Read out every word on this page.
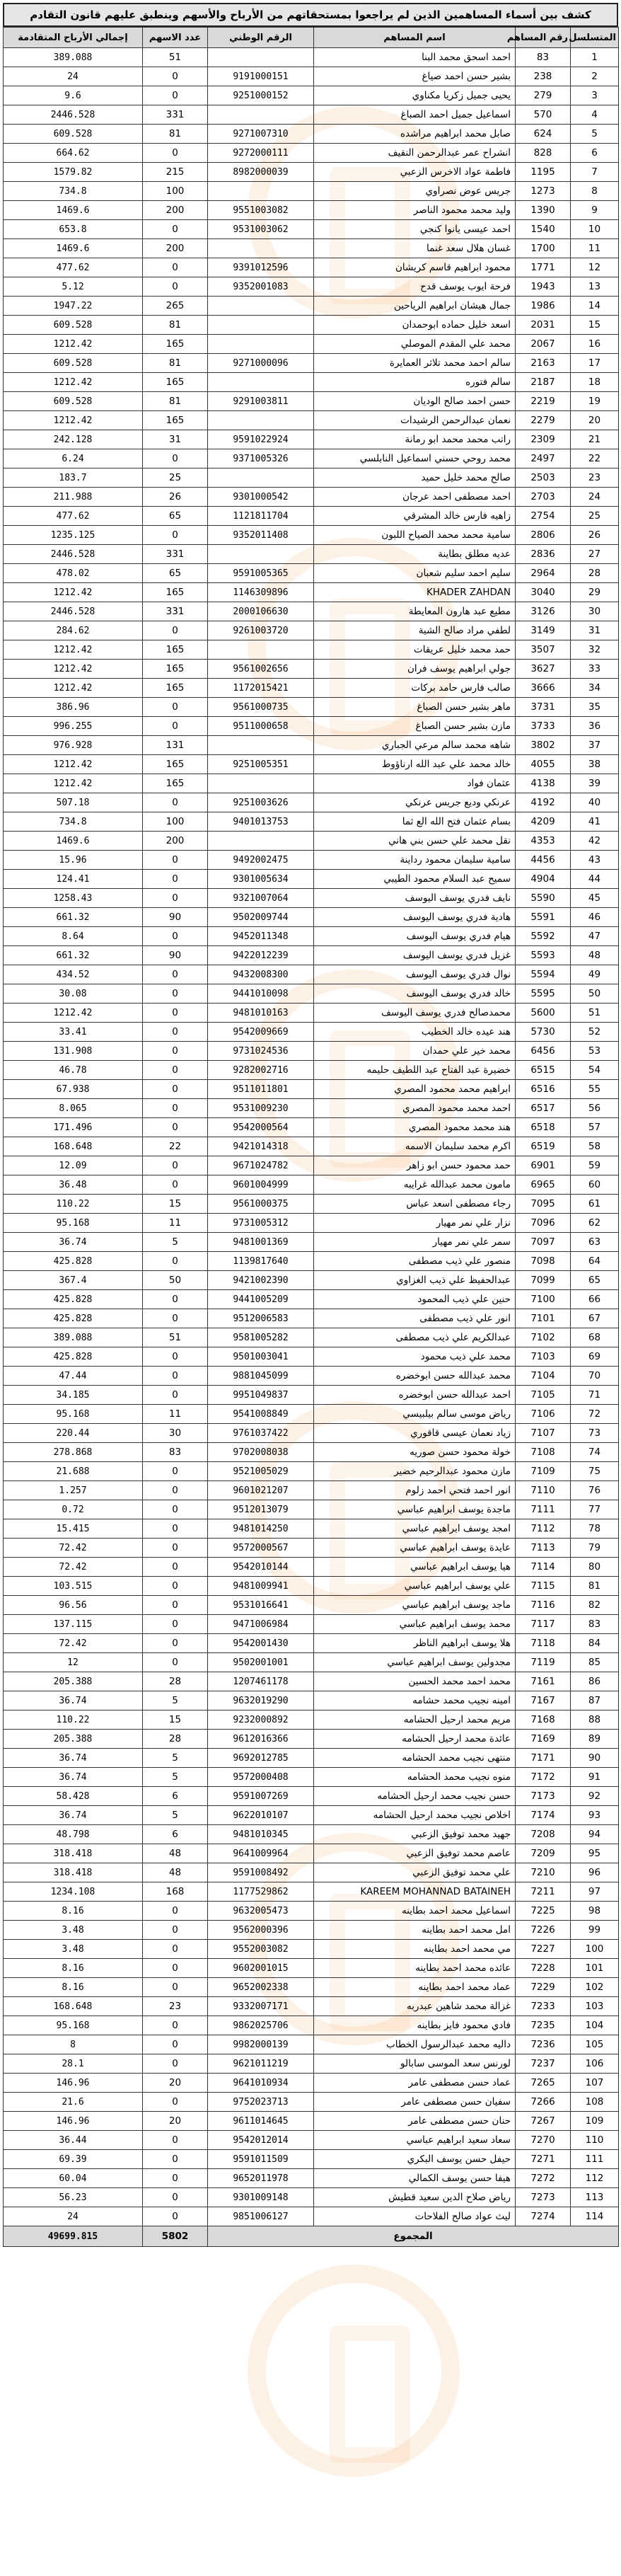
كشف بين أسماء المساهمين الذين لم يراجعوا بمستحقاتهم من الأرباح والأسهم وينطبق عليهم قانون التقادم
المتسلسل	رقم المساهم	اسم المساهم	الرقم الوطني	عدد الاسهم	إجمالي الأرباح المتقادمة
1	83	احمد اسحق محمد البنا		51	389.088
2	238	بشير حسن احمد صياغ	9191000151	0	24
3	279	يحيى جميل زكريا مكناوي	9251000152	0	9.6
4	570	اسماعيل جميل احمد الصباغ		331	2446.528
5	624	صابل محمد ابراهيم مراشده	9271007310	81	609.528
6	828	انشراح عمر عبدالرحمن النقيف	9272000111	0	664.62
7	1195	فاطمة عواد الاخرس الزعبي	8982000039	215	1579.82
8	1273	جريس عوض نصراوي		100	734.8
9	1390	وليد محمد محمود الناصر	9551003082	200	1469.6
10	1540	احمد عيسى يانوا كنجي	9531003062	0	653.8
11	1700	غسان هلال سعد غنما		200	1469.6
12	1771	محمود ابراهيم قاسم كريشان	9391012596	0	477.62
13	1943	فرحة ايوب يوسف قدح	9352001083	0	5.12
14	1986	جمال هيشان ابراهيم الرياحين		265	1947.22
15	2031	اسعد خليل حماده ابوحمدان		81	609.528
16	2067	محمد علي المقدم الموصلي		165	1212.42
17	2163	سالم احمد محمد تلاثر العمايرة	9271000096	81	609.528
18	2187	سالم فتوره		165	1212.42
19	2219	حسن احمد صالح الوديان	9291003811	81	609.528
20	2279	نعمان عبدالرحمن الرشيدات		165	1212.42
21	2309	راتب محمد محمد ابو رمانة	9591022924	31	242.128
22	2497	محمد روحي حسني اسماعيل النابلسي	9371005326	0	6.24
23	2503	صالح محمد خليل حميد		25	183.7
24	2703	احمد مصطفى احمد عرجان	9301000542	26	211.988
25	2754	زاهيه فارس خالد المشرقي	1121811704	65	477.62
26	2806	سامية محمد محمد الصياح اللبون	9352011408	0	1235.125
27	2836	عديه مطلق بطاينة		331	2446.528
28	2964	سليم احمد سليم شعبان	9591005365	65	478.02
29	3040	KHADER ZAHDAN	1146309896	165	1212.42
30	3126	مطيع عبد هارون المعايطة	2000106630	331	2446.528
31	3149	لطفي مراد صالح الشية	9261003720	0	284.62
32	3507	حمد محمد خليل عريقات		165	1212.42
33	3627	جولي ابراهيم يوسف فران	9561002656	165	1212.42
34	3666	صالب فارس حامد بركات	1172015421	165	1212.42
35	3731	ماهر بشير حسن الصباغ	9561000735	0	386.96
36	3733	مازن بشير حسن الصباغ	9511000658	0	996.255
37	3802	شاهه محمد سالم مرعي الجباري		131	976.928
38	4055	خالد محمد علي عبد الله ارناؤوط	9251005351	165	1212.42
39	4138	عثمان فواد		165	1212.42
40	4192	عرنكي وديع جريس عرنكي	9251003626	0	507.18
41	4209	بسام عثمان فتح الله الع ثما	9401013753	100	734.8
42	4353	نقل محمد علي حسن بني هاني		200	1469.6
43	4456	سامية سليمان محمود رداينة	9492002475	0	15.96
44	4904	سميح عبد السلام محمود الطيبي	9301005634	0	124.41
45	5590	نايف فدري يوسف اليوسف	9321007064	0	1258.43
46	5591	هادية فدري يوسف اليوسف	9502009744	90	661.32
47	5592	هيام فدري يوسف اليوسف	9452011348	0	8.64
48	5593	غزيل فدري يوسف اليوسف	9422012239	90	661.32
49	5594	نوال فدري يوسف اليوسف	9432008300	0	434.52
50	5595	خالد فدري يوسف اليوسف	9441010098	0	30.08
51	5600	محمدصالح فدري يوسف اليوسف	9481010163	0	1212.42
52	5730	هند عيده خالد الخطيب	9542009669	0	33.41
53	6456	محمد خير علي حمدان	9731024536	0	131.908
54	6515	خضيرة عبد الفتاح عبد اللطيف حليمه	9282002716	0	46.78
55	6516	ابراهيم محمد محمود المصري	9511011801	0	67.938
56	6517	احمد محمد محمود المصري	9531009230	0	8.065
57	6518	هند محمد محمود المصري	9542000564	0	171.496
58	6519	اكرم محمد سليمان الاسمه	9421014318	22	168.648
59	6901	حمد محمود حسن ابو زاهر	9671024782	0	12.09
60	6965	مامون محمد عبدالله غرايبه	9601004999	0	36.48
61	7095	رجاء مصطفى اسعد عباس	9561000375	15	110.22
62	7096	نزار علي نمر مهيار	9731005312	11	95.168
63	7097	سمر علي نمر مهيار	9481001369	5	36.74
64	7098	منصور علي ذيب مصطفى	1139817640	0	425.828
65	7099	عبدالحفيظ علي ذيب الغزاوي	9421002390	50	367.4
66	7100	حنين علي ذيب المحمود	9441005209	0	425.828
67	7101	انور علي ذيب مصطفى	9512006583	0	425.828
68	7102	عبدالكريم علي ذيب مصطفى	9581005282	51	389.088
69	7103	محمد علي ذيب محمود	9501003041	0	425.828
70	7104	محمد عبدالله حسن ابوخضره	9881045099	0	47.44
71	7105	احمد عبدالله حسن ابوخضره	9951049837	0	34.185
72	7106	رياض موسى سالم بيلبيسي	9541008849	11	95.168
73	7107	زياد نعمان عيسى قاقوري	9761037422	30	220.44
74	7108	خولة محمود حسن صوريه	9702008038	83	278.868
75	7109	مازن محمود عبدالرحيم خضير	9521005029	0	21.688
76	7110	انور احمد فتحي احمد زلوم	9601021207	0	1.257
77	7111	ماجدة يوسف ابراهيم عباسي	9512013079	0	0.72
78	7112	امجد يوسف ابراهيم عباسي	9481014250	0	15.415
79	7113	عايدة يوسف ابراهيم عباسي	9572000567	0	72.42
80	7114	هيا يوسف ابراهيم عباسي	9542010144	0	72.42
81	7115	علي يوسف ابراهيم عباسي	9481009941	0	103.515
82	7116	ماجد يوسف ابراهيم عباسي	9531016641	0	96.56
83	7117	محمد يوسف ابراهيم عباسي	9471006984	0	137.115
84	7118	هلا يوسف ابراهيم الناظر	9542001430	0	72.42
85	7119	مجدولين يوسف ابراهيم عباسي	9502001001	0	12
86	7161	محمد احمد محمد الحسين	1207461178	28	205.388
87	7167	امينه نجيب محمد حشامه	9632019290	5	36.74
88	7168	مريم محمد ارحيل الحشامه	9232000892	15	110.22
89	7169	عائدة محمد ارحيل الحشامه	9612016366	28	205.388
90	7171	منتهى نجيب محمد الحشامه	9692012785	5	36.74
91	7172	منوه نجيب محمد الحشامه	9572000408	5	36.74
92	7173	حسن نجيب محمد ارحيل الحشامه	9591007269	6	58.428
93	7174	اخلاص نجيب محمد ارحيل الحشامه	9622010107	5	36.74
94	7208	جهيد محمد توفيق الزعبي	9481010345	6	48.798
95	7209	عاصم محمد توفيق الزعبي	9641009964	48	318.418
96	7210	علي محمد توفيق الزعبي	9591008492	48	318.418
97	7211	KAREEM MOHANNAD BATAINEH	1177529862	168	1234.108
98	7225	اسماعيل محمد احمد بطاينه	9632005473	0	8.16
99	7226	امل محمد احمد بطاينه	9562000396	0	3.48
100	7227	مي محمد احمد بطاينه	9552003082	0	3.48
101	7228	عائده محمد احمد بطاينه	9602001015	0	8.16
102	7229	عماد محمد احمد بطاينه	9652002338	0	8.16
103	7233	غزالة محمد شاهين عبدربه	9332007171	23	168.648
104	7235	فادي محمود فايز بطاينه	9862025706	0	95.168
105	7236	داليه محمد عبدالرسول الخطاب	9982000139	0	8
106	7237	لورنس سعد الموسى سابالو	9621011219	0	28.1
107	7265	عماد حسن مصطفى عامر	9641010934	20	146.96
108	7266	سفيان حسن مصطفى عامر	9752023713	0	21.6
109	7267	حنان حسن مصطفى عامر	9611014645	20	146.96
110	7270	سعاد سعيد ابراهيم عباسي	9542012014	0	36.44
111	7271	حيفل حسن يوسف البكري	9591011509	0	69.39
112	7272	هيفا حسن يوسف الكمالي	9652011978	0	60.04
113	7273	رياض صلاح الدين سعيد قطيش	9301009148	0	56.23
114	7274	ليث عواد صالح الفلاحات	9851006127	0	24
المجموع				5802	49699.815
